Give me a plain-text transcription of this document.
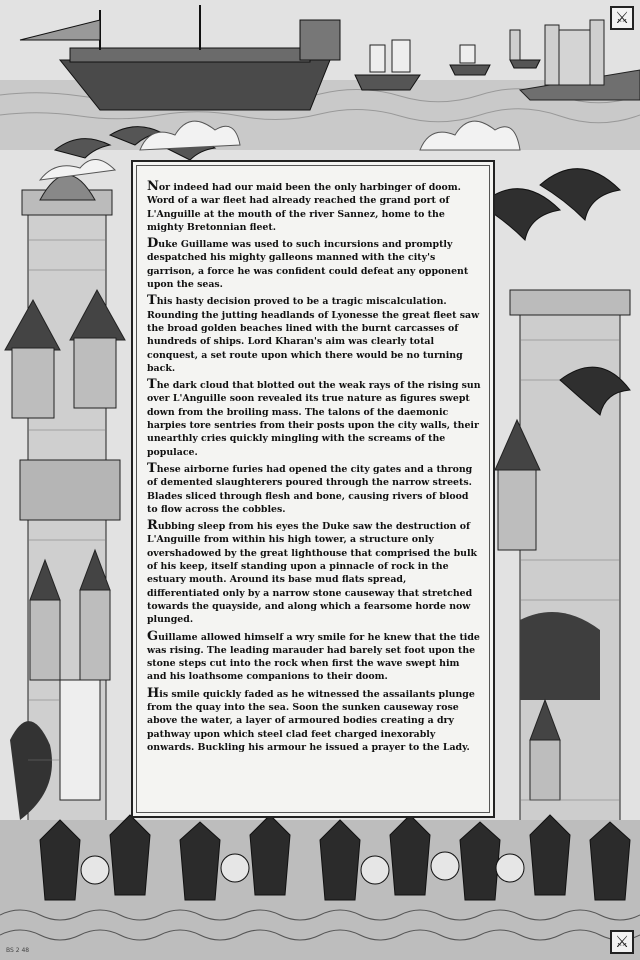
Nor indeed had our maid been the only harbinger of doom. Word of a war fleet had already reached the grand port of L'Anguille at the mouth of the river Sannez, home to the mighty Bretonnian fleet.

Duke Guillame was used to such incursions and promptly despatched his mighty galleons manned with the city's garrison, a force he was confident could defeat any opponent upon the seas.

This hasty decision proved to be a tragic miscalculation. Rounding the jutting headlands of Lyonesse the great fleet saw the broad golden beaches lined with the burnt carcasses of hundreds of ships. Lord Kharan's aim was clearly total conquest, a set route upon which there would be no turning back.

The dark cloud that blotted out the weak rays of the rising sun over L'Anguille soon revealed its true nature as figures swept down from the broiling mass. The talons of the daemonic harpies tore sentries from their posts upon the city walls, their unearthly cries quickly mingling with the screams of the populace.

These airborne furies had opened the city gates and a throng of demented slaughterers poured through the narrow streets. Blades sliced through flesh and bone, causing rivers of blood to flow across the cobbles.

Rubbing sleep from his eyes the Duke saw the destruction of L'Anguille from within his high tower, a structure only overshadowed by the great lighthouse that comprised the bulk of his keep, itself standing upon a pinnacle of rock in the estuary mouth. Around its base mud flats spread, differentiated only by a narrow stone causeway that stretched towards the quayside, and along which a fearsome horde now plunged.

Guillame allowed himself a wry smile for he knew that the tide was rising. The leading marauder had barely set foot upon the stone steps cut into the rock when first the wave swept him and his loathsome companions to their doom.

His smile quickly faded as he witnessed the assailants plunge from the quay into the sea. Soon the sunken causeway rose above the water, a layer of armoured bodies creating a dry pathway upon which steel clad feet charged inexorably onwards. Buckling his armour he issued a prayer to the Lady.

⚔
⚔
BS 2 48
